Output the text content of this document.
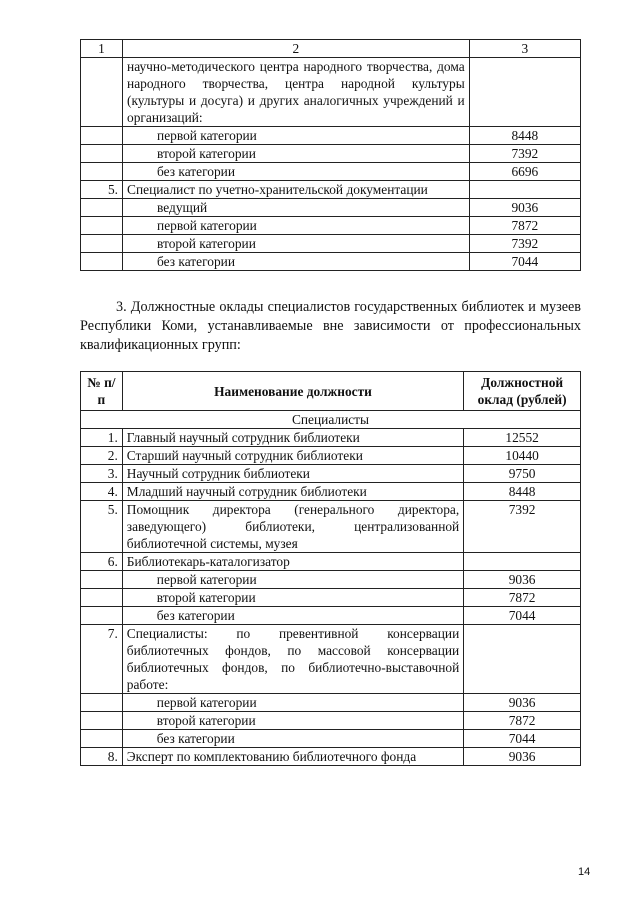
1	2	3
	научно-методического центра народного творчества, дома народного творчества, центра народной культуры (культуры и досуга) и других аналогичных учреждений и организаций:	
	первой категории	8448
	второй категории	7392
	без категории	6696
5.	Специалист по учетно-хранительской документации	
	ведущий	9036
	первой категории	7872
	второй категории	7392
	без категории	7044

3. Должностные оклады специалистов государственных библиотек и музеев Республики Коми, устанавливаемые вне зависимости от профессиональных квалификационных групп:

№ п/п	Наименование должности	Должностной оклад (рублей)
Специалисты		
1.	Главный научный сотрудник библиотеки	12552
2.	Старший научный сотрудник библиотеки	10440
3.	Научный сотрудник библиотеки	9750
4.	Младший научный сотрудник библиотеки	8448
5.	Помощник директора (генерального директора, заведующего) библиотеки, централизованной библиотечной системы, музея	7392
6.	Библиотекарь-каталогизатор	
	первой категории	9036
	второй категории	7872
	без категории	7044
7.	Специалисты: по превентивной консервации библиотечных фондов, по массовой консервации библиотечных фондов, по библиотечно-выставочной работе:	
	первой категории	9036
	второй категории	7872
	без категории	7044
8.	Эксперт по комплектованию библиотечного фонда	9036
14
